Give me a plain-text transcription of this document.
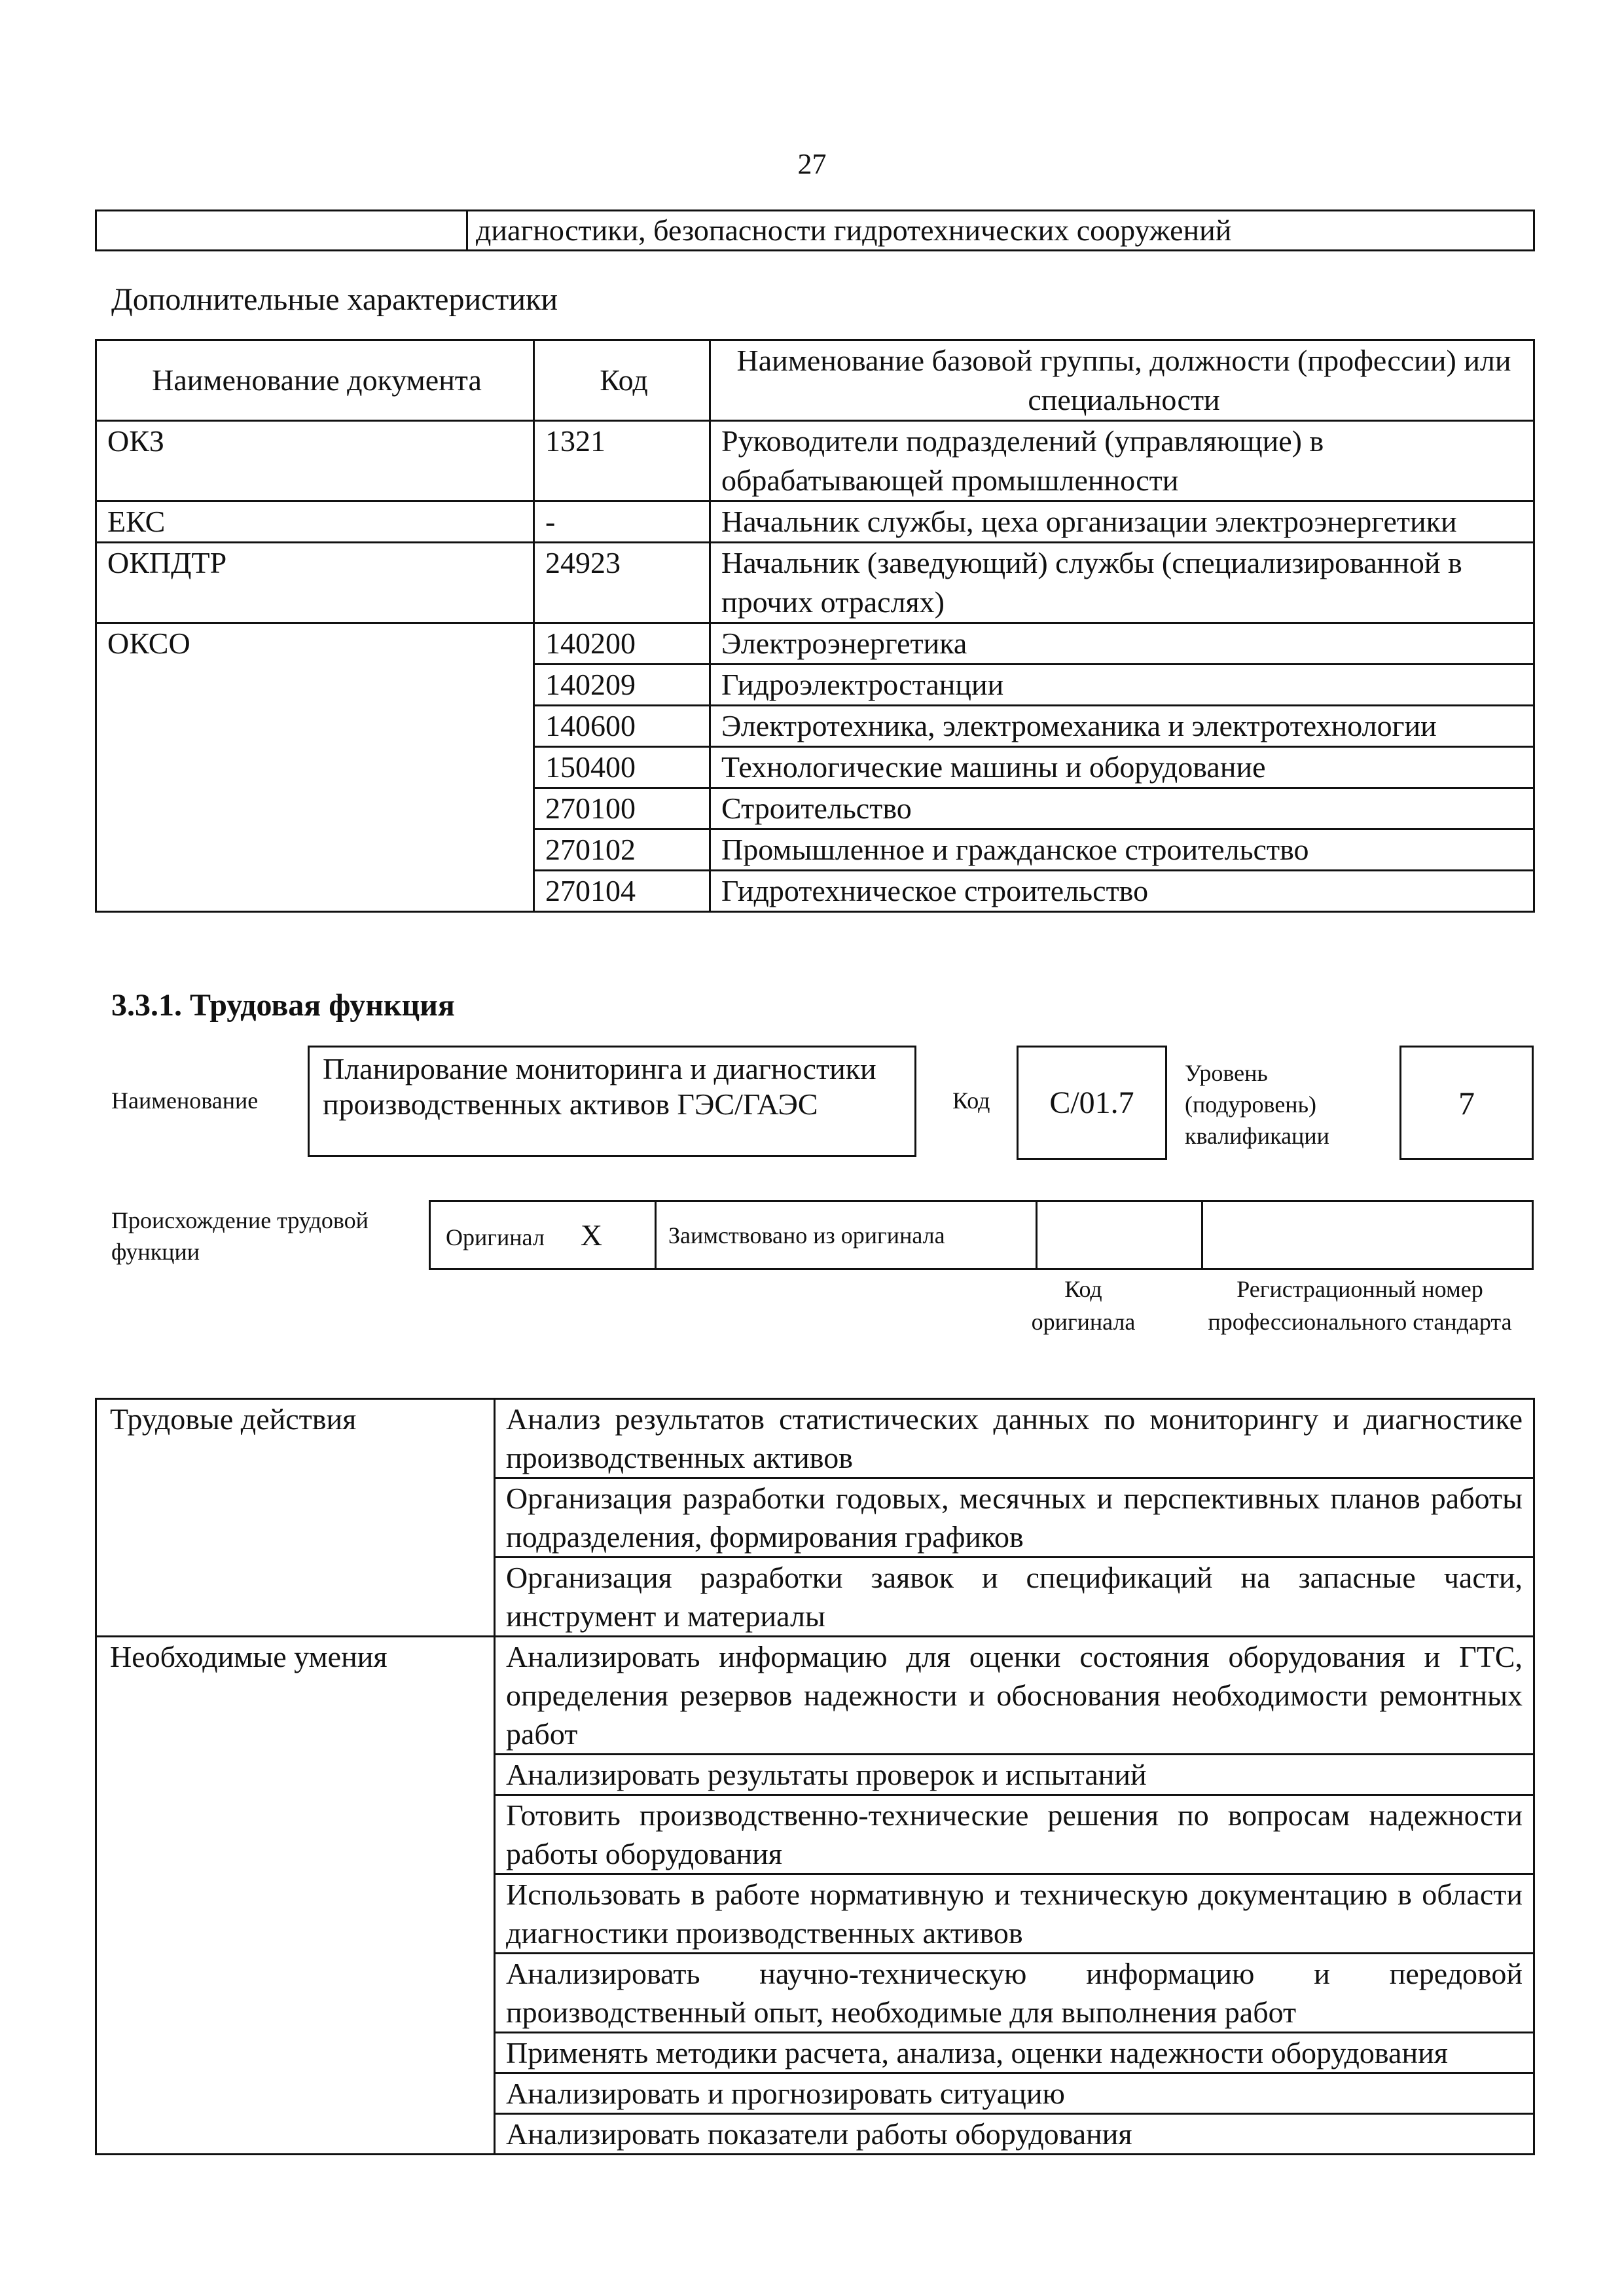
27
	диагностики, безопасности гидротехнических сооружений
Дополнительные характеристики
Наименование документа	Код	Наименование базовой группы, должности (профессии) или специальности
ОКЗ	1321	Руководители подразделений (управляющие) в обрабатывающей промышленности
ЕКС	-	Начальник службы, цеха организации электроэнергетики
ОКПДТР	24923	Начальник (заведующий) службы (специализированной в прочих отраслях)
ОКСО	140200	Электроэнергетика
	140209	Гидроэлектростанции
	140600	Электротехника, электромеханика и электротехнологии
	150400	Технологические машины и оборудование
	270100	Строительство
	270102	Промышленное и гражданское строительство
	270104	Гидротехническое строительство
3.3.1. Трудовая функция
Наименование
Планирование мониторинга и диагностики производственных активов ГЭС/ГАЭС	Код	C/01.7
Уровень (подуровень) квалификации
7
Происхождение трудовой функции
Оригинал X	Заимствовано из оригинала		
Код оригинала
Регистрационный номер профессионального стандарта
Трудовые действия	Анализ результатов статистических данных по мониторингу и диагностике производственных активов
	Организация разработки годовых, месячных и перспективных планов работы подразделения, формирования графиков
	Организация разработки заявок и спецификаций на запасные части, инструмент и материалы
Необходимые умения	Анализировать информацию для оценки состояния оборудования и ГТС, определения резервов надежности и обоснования необходимости ремонтных работ
	Анализировать результаты проверок и испытаний
	Готовить производственно-технические решения по вопросам надежности работы оборудования
	Использовать в работе нормативную и техническую документацию в области диагностики производственных активов
	Анализировать научно-техническую информацию и передовой производственный опыт, необходимые для выполнения работ
	Применять методики расчета, анализа, оценки надежности оборудования
	Анализировать и прогнозировать ситуацию
	Анализировать показатели работы оборудования
